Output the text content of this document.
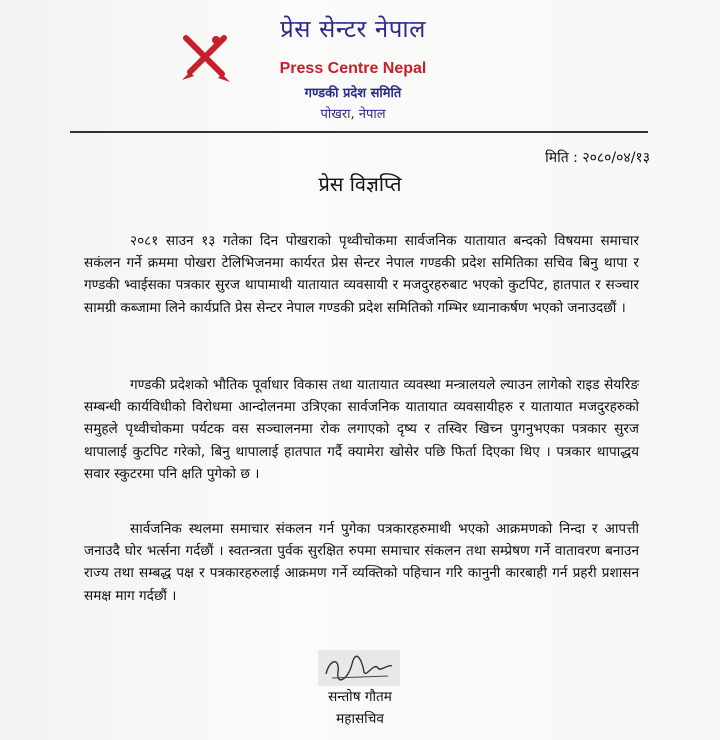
प्रेस सेन्टर नेपाल
Press Centre Nepal
गण्डकी प्रदेश समिति
पोखरा, नेपाल
मिति : २०८०/०४/१३
प्रेस विज्ञप्ति
२०८१ साउन १३ गतेका दिन पोखराको पृथ्वीचोकमा सार्वजनिक यातायात बन्दको विषयमा समाचार सकंलन गर्ने क्रममा पोखरा टेलिभिजनमा कार्यरत प्रेस सेन्टर नेपाल गण्डकी प्रदेश समितिका सचिव बिनु थापा र गण्डकी भ्वाईसका पत्रकार सुरज थापामाथी यातायात व्यवसायी र मजदुरहरुबाट भएको कुटपिट, हातपात र सञ्चार सामग्री कब्जामा लिने कार्यप्रति प्रेस सेन्टर नेपाल गण्डकी प्रदेश समितिको गम्भिर ध्यानाकर्षण भएको जनाउदछौं ।
गण्डकी प्रदेशको भौतिक पूर्वाधार विकास तथा यातायात व्यवस्था मन्त्रालयले ल्याउन लागेको राइड सेयरिङ सम्बन्धी कार्यविधीको विरोधमा आन्दोलनमा उत्रिएका सार्वजनिक यातायात व्यवसायीहरु र यातायात मजदुरहरुको समुहले पृथ्वीचोकमा पर्यटक वस सञ्चालनमा रोक लगाएको दृष्य र तस्विर खिच्न पुगनुभएका पत्रकार सुरज थापालाई कुटपिट गरेको, बिनु थापालाई हातपात गर्दै क्यामेरा खोसेर पछि फिर्ता दिएका थिए । पत्रकार थापाद्धय सवार स्कुटरमा पनि क्षति पुगेको छ ।
सार्वजनिक स्थलमा समाचार संकलन गर्न पुगेका पत्रकारहरुमाथी भएको आक्रमणको निन्दा र आपत्ती जनाउदै घोर भर्त्सना गर्दछौं । स्वतन्त्रता पुर्वक सुरक्षित रुपमा समाचार संकलन तथा सम्प्रेषण गर्ने वातावरण बनाउन राज्य तथा सम्बद्ध पक्ष र पत्रकारहरुलाई आक्रमण गर्ने व्यक्तिको पहिचान गरि कानुनी कारबाही गर्न प्रहरी प्रशासन समक्ष माग गर्दछौं ।
सन्तोष गौतम
महासचिव
